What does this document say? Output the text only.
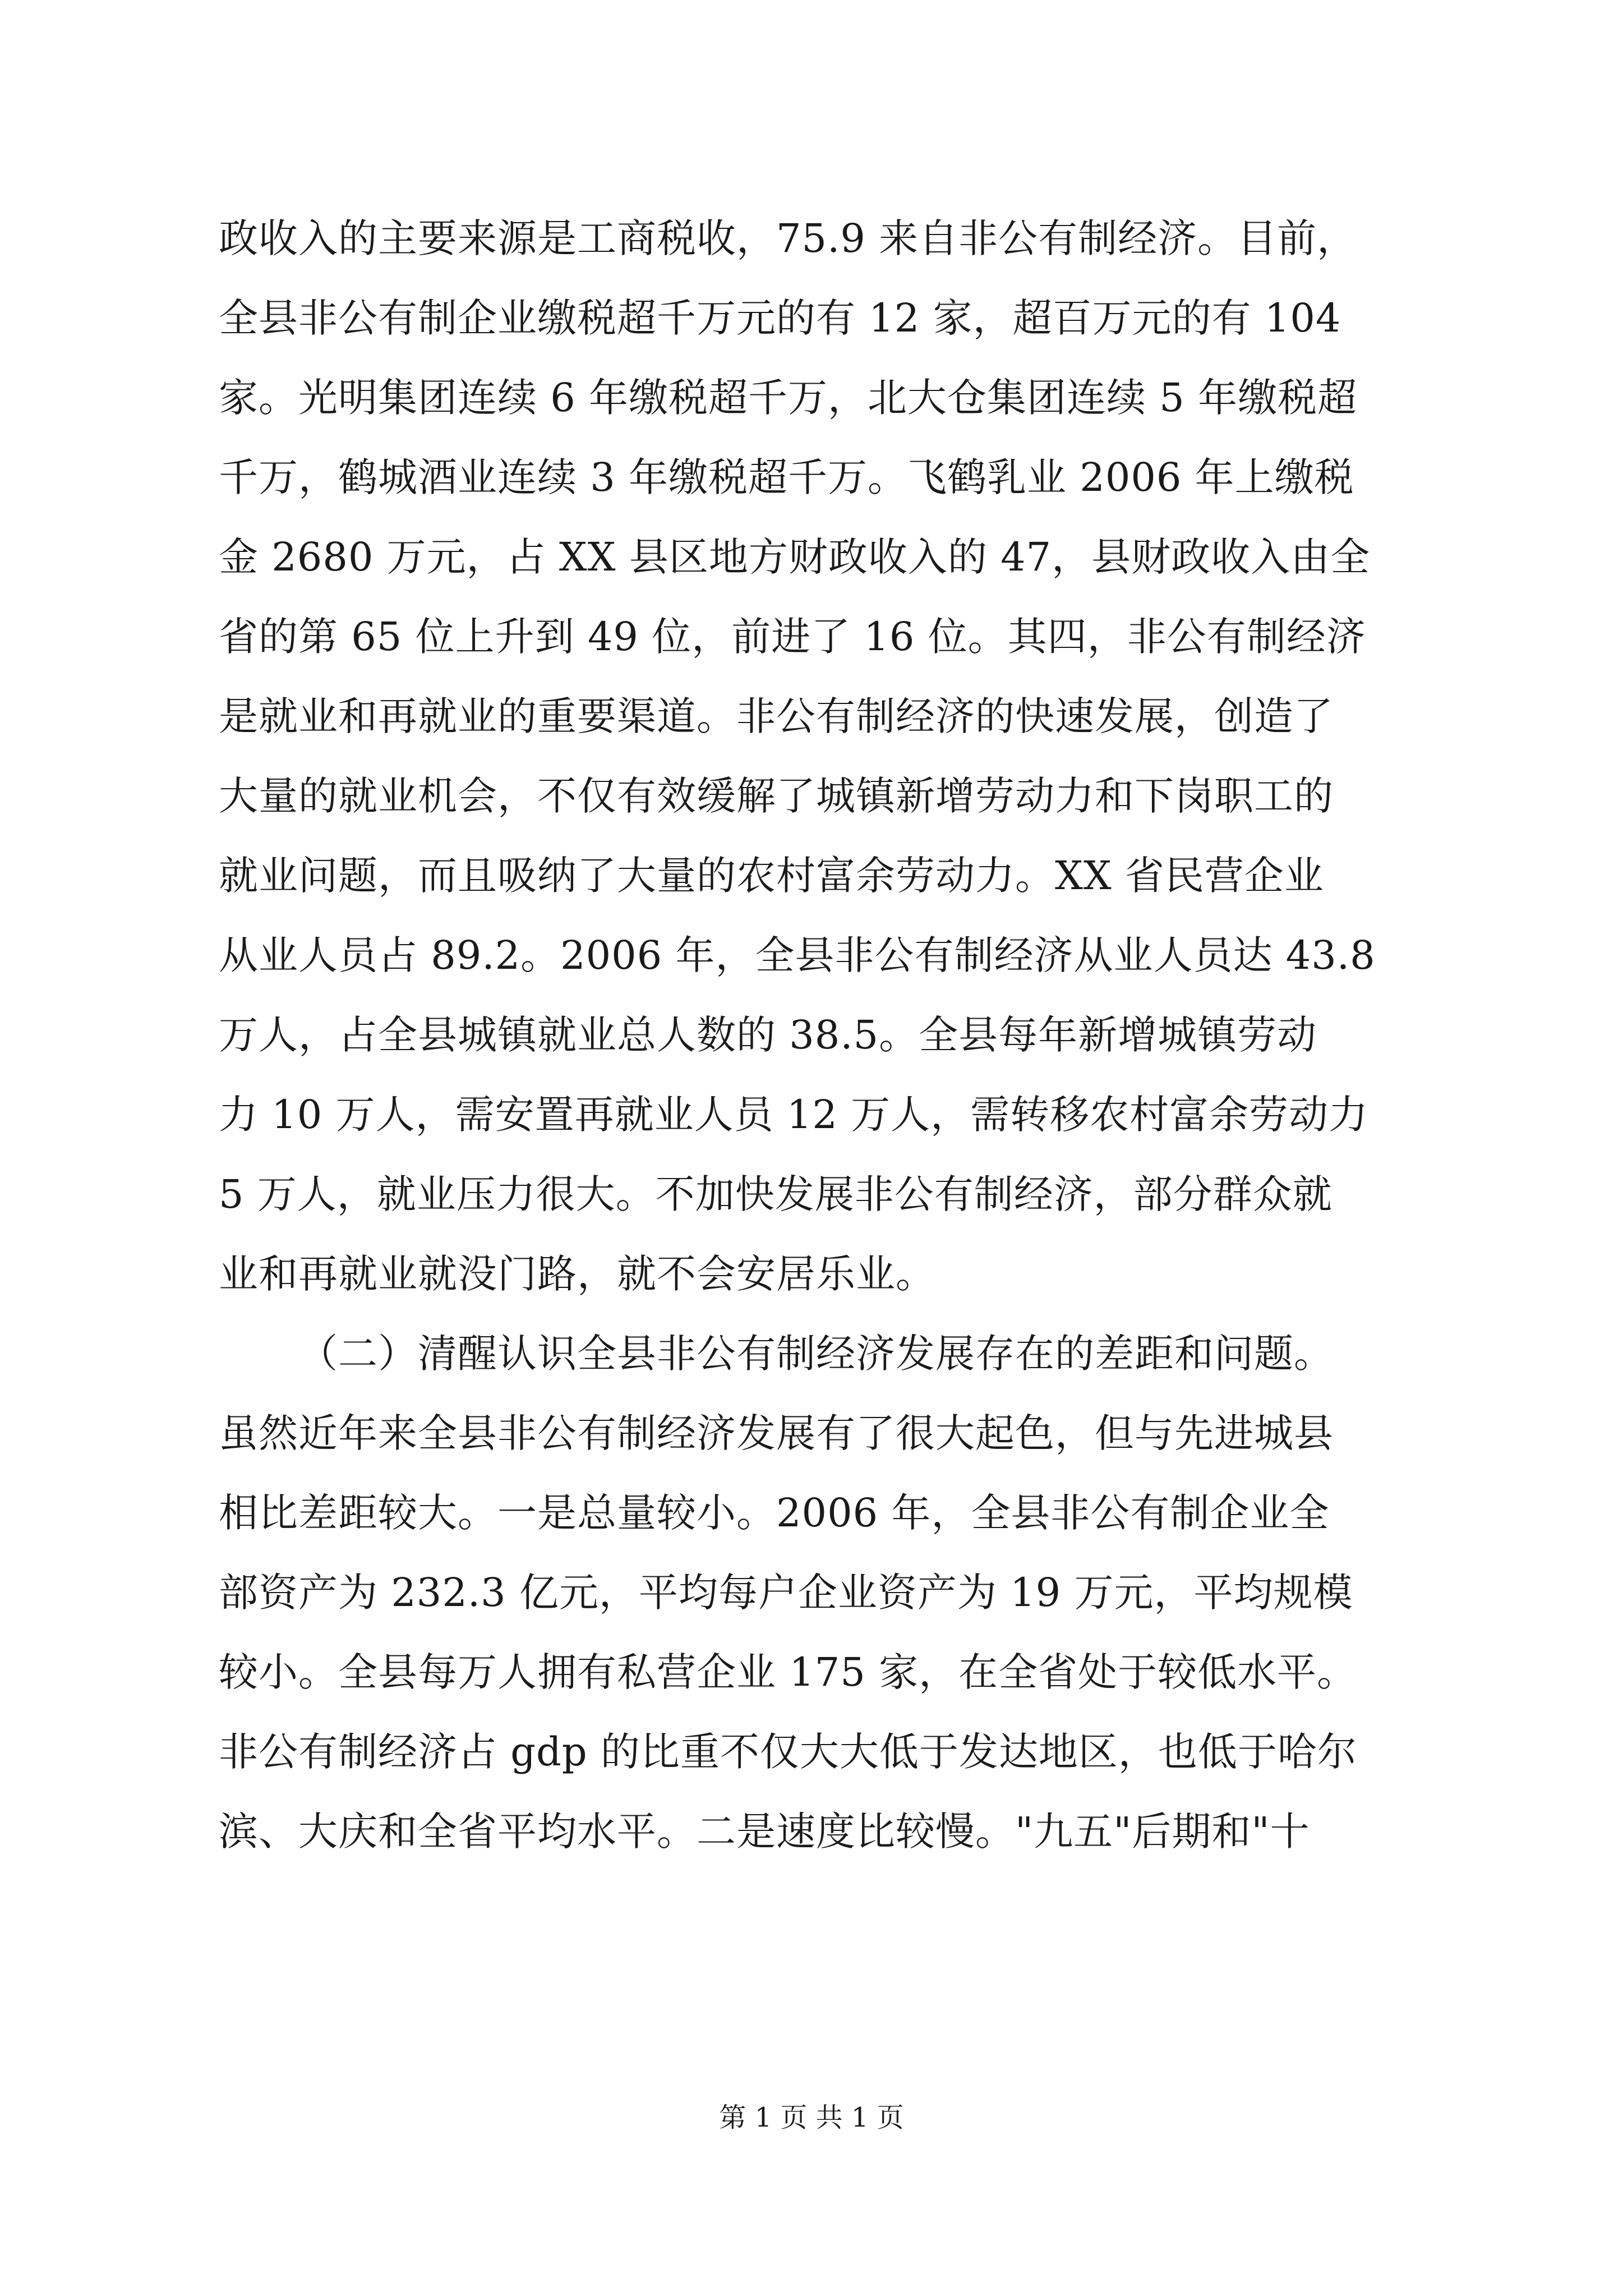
政收入的主要来源是工商税收，75.9 来自非公有制经济。目前，
全县非公有制企业缴税超千万元的有 12 家，超百万元的有 104
家。光明集团连续 6 年缴税超千万，北大仓集团连续 5 年缴税超
千万，鹤城酒业连续 3 年缴税超千万。飞鹤乳业 2006 年上缴税
金 2680 万元，占 XX 县区地方财政收入的 47，县财政收入由全
省的第 65 位上升到 49 位，前进了 16 位。其四，非公有制经济
是就业和再就业的重要渠道。非公有制经济的快速发展，创造了
大量的就业机会，不仅有效缓解了城镇新增劳动力和下岗职工的
就业问题，而且吸纳了大量的农村富余劳动力。XX 省民营企业
从业人员占 89.2。2006 年，全县非公有制经济从业人员达 43.8
万人，占全县城镇就业总人数的 38.5。全县每年新增城镇劳动
力 10 万人，需安置再就业人员 12 万人，需转移农村富余劳动力
5 万人，就业压力很大。不加快发展非公有制经济，部分群众就
业和再就业就没门路，就不会安居乐业。
（二）清醒认识全县非公有制经济发展存在的差距和问题。
虽然近年来全县非公有制经济发展有了很大起色，但与先进城县
相比差距较大。一是总量较小。2006 年，全县非公有制企业全
部资产为 232.3 亿元，平均每户企业资产为 19 万元，平均规模
较小。全县每万人拥有私营企业 175 家，在全省处于较低水平。
非公有制经济占 gdp 的比重不仅大大低于发达地区，也低于哈尔
滨、大庆和全省平均水平。二是速度比较慢。"九五"后期和"十
第 1 页 共 1 页
